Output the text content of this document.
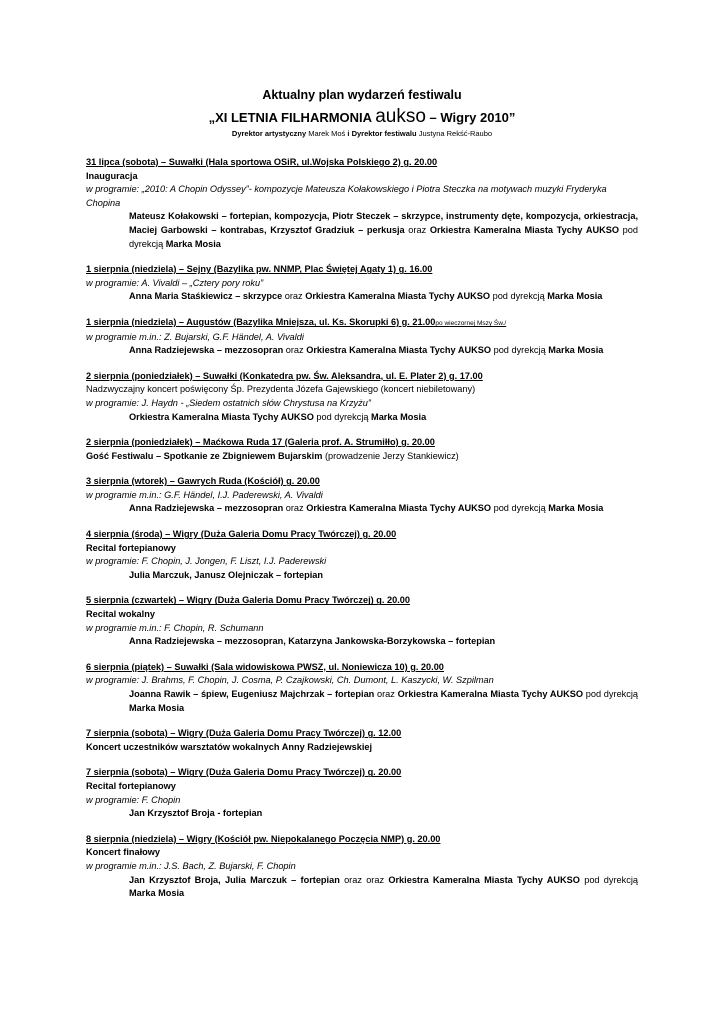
Aktualny plan wydarzeń festiwalu
„XI LETNIA FILHARMONIA aukso – Wigry 2010”
Dyrektor artystyczny Marek Moś i Dyrektor festiwalu Justyna Rekść-Raubo
31 lipca (sobota) – Suwałki (Hala sportowa OSiR, ul.Wojska Polskiego 2) g. 20.00
Inauguracja
w programie: „2010: A Chopin Odyssey”- kompozycje Mateusza Kołakowskiego i Piotra Steczka na motywach muzyki Fryderyka Chopina
Mateusz Kołakowski – fortepian, kompozycja, Piotr Steczek – skrzypce, instrumenty dęte, kompozycja, orkiestracja, Maciej Garbowski – kontrabas, Krzysztof Gradziuk – perkusja oraz Orkiestra Kameralna Miasta Tychy AUKSO pod dyrekcją Marka Mosia
1 sierpnia (niedziela) – Sejny (Bazylika pw. NNMP, Plac Świętej Agaty 1) g. 16.00
w programie: A. Vivaldi – „Cztery pory roku”
Anna Maria Staśkiewicz – skrzypce oraz Orkiestra Kameralna Miasta Tychy AUKSO pod dyrekcją Marka Mosia
1 sierpnia (niedziela) – Augustów (Bazylika Mniejsza, ul. Ks. Skorupki 6) g. 21.00po wieczornej Mszy Św./
w programie m.in.: Z. Bujarski, G.F. Händel, A. Vivaldi
Anna Radziejewska – mezzosopran oraz Orkiestra Kameralna Miasta Tychy AUKSO pod dyrekcją Marka Mosia
2 sierpnia (poniedziałek) – Suwałki (Konkatedra pw. Św. Aleksandra, ul. E. Plater 2) g. 17.00
Nadzwyczajny koncert poświęcony Śp. Prezydenta Józefa Gajewskiego (koncert niebiletowany)
w programie: J. Haydn - „Siedem ostatnich słów Chrystusa na Krzyżu”
Orkiestra Kameralna Miasta Tychy AUKSO pod dyrekcją Marka Mosia
2 sierpnia (poniedziałek) – Maćkowa Ruda 17 (Galeria prof. A. Strumiłło) g. 20.00
Gość Festiwalu – Spotkanie ze Zbigniewem Bujarskim (prowadzenie Jerzy Stankiewicz)
3 sierpnia (wtorek) – Gawrych Ruda (Kościół) g. 20.00
w programie m.in.: G.F. Händel, I.J. Paderewski, A. Vivaldi
Anna Radziejewska – mezzosopran oraz Orkiestra Kameralna Miasta Tychy AUKSO pod dyrekcją Marka Mosia
4 sierpnia (środa) – Wigry (Duża Galeria Domu Pracy Twórczej) g. 20.00
Recital fortepianowy
w programie: F. Chopin, J. Jongen, F. Liszt, I.J. Paderewski
Julia Marczuk, Janusz Olejniczak – fortepian
5 sierpnia (czwartek) – Wigry (Duża Galeria Domu Pracy Twórczej) g. 20.00
Recital wokalny
w programie m.in.: F. Chopin, R. Schumann
Anna Radziejewska – mezzosopran, Katarzyna Jankowska-Borzykowska – fortepian
6 sierpnia (piątek) – Suwałki (Sala widowiskowa PWSZ, ul. Noniewicza 10) g. 20.00
w programie: J. Brahms, F. Chopin, J. Cosma, P. Czajkowski, Ch. Dumont, L. Kaszycki, W. Szpilman
Joanna Rawik – śpiew, Eugeniusz Majchrzak – fortepian oraz Orkiestra Kameralna Miasta Tychy AUKSO pod dyrekcją Marka Mosia
7 sierpnia (sobota) – Wigry (Duża Galeria Domu Pracy Twórczej) g. 12.00
Koncert uczestników warsztatów wokalnych Anny Radziejewskiej
7 sierpnia (sobota) – Wigry (Duża Galeria Domu Pracy Twórczej) g. 20.00
Recital fortepianowy
w programie: F. Chopin
Jan Krzysztof Broja - fortepian
8 sierpnia (niedziela) – Wigry (Kościół pw. Niepokalanego Poczęcia NMP) g. 20.00
Koncert finałowy
w programie m.in.: J.S. Bach, Z. Bujarski, F. Chopin
Jan Krzysztof Broja, Julia Marczuk – fortepian oraz oraz Orkiestra Kameralna Miasta Tychy AUKSO pod dyrekcją Marka Mosia
